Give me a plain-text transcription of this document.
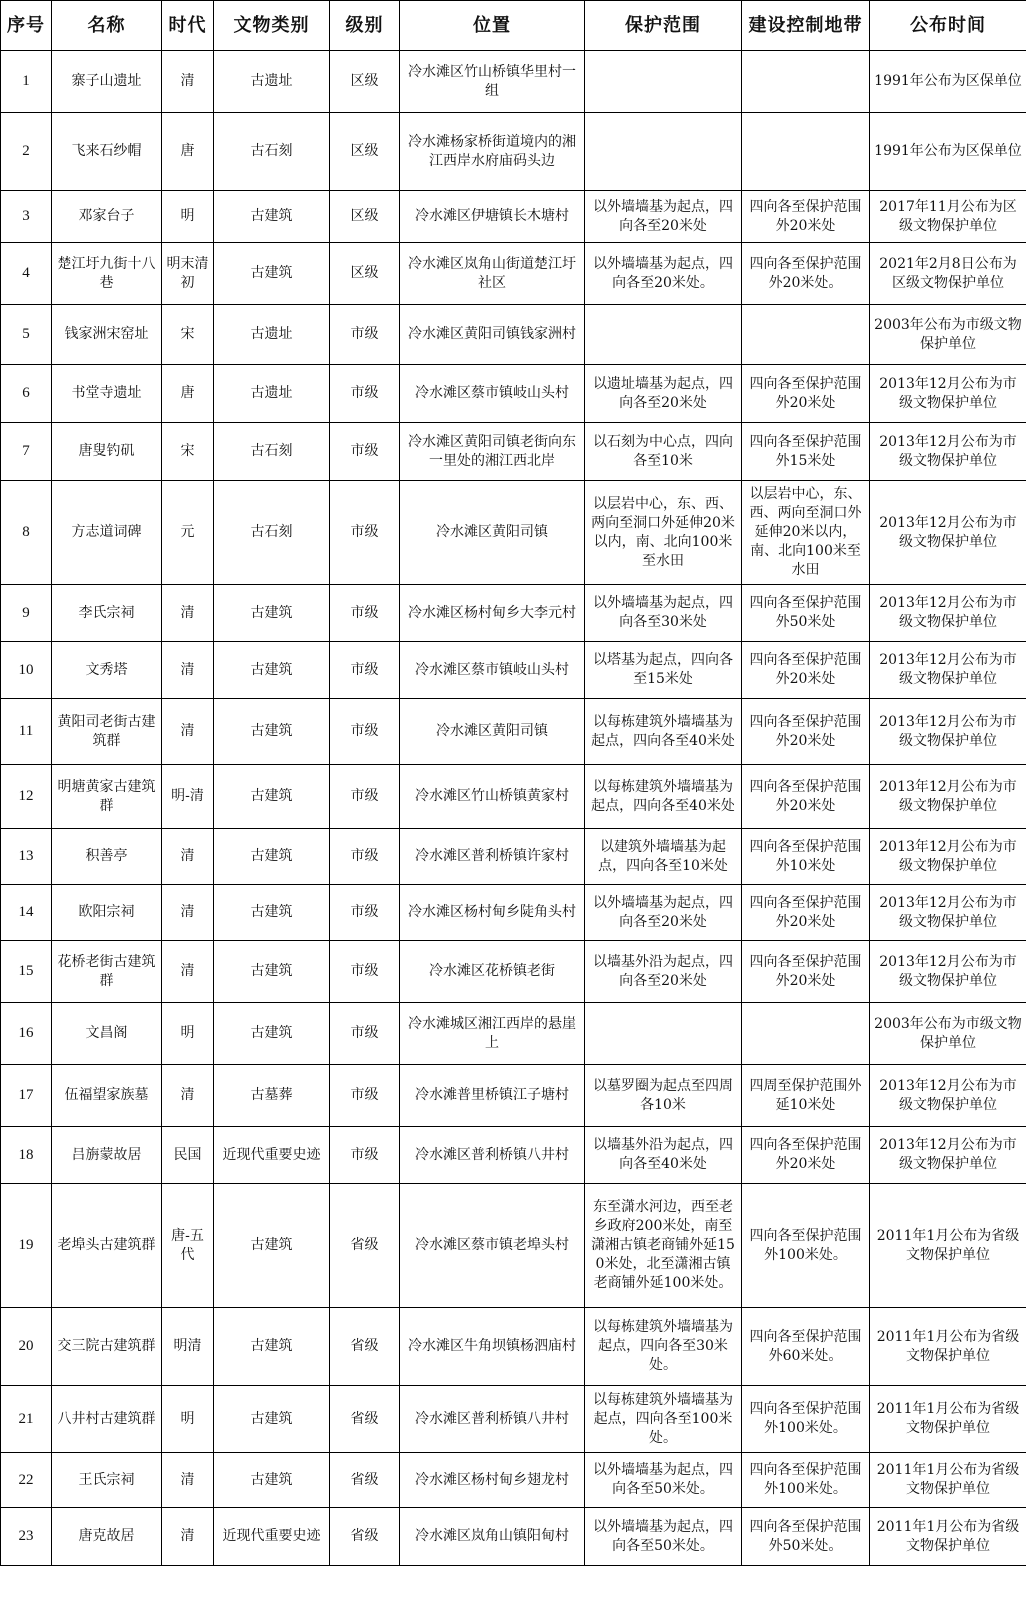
序号	名称	时代	文物类别	级别	位置	保护范围	建设控制地带	公布时间
1	寨子山遗址	清	古遗址	区级	冷水滩区竹山桥镇华里村一组			1991年公布为区保单位
2	飞来石纱帽	唐	古石刻	区级	冷水滩杨家桥街道境内的湘江西岸水府庙码头边			1991年公布为区保单位
3	邓家台子	明	古建筑	区级	冷水滩区伊塘镇长木塘村	以外墙墙基为起点，四向各至20米处	四向各至保护范围外20米处	2017年11月公布为区级文物保护单位
4	楚江圩九街十八巷	明末清初	古建筑	区级	冷水滩区岚角山街道楚江圩社区	以外墙墙基为起点，四向各至20米处。	四向各至保护范围外20米处。	2021年2月8日公布为区级文物保护单位
5	钱家洲宋窑址	宋	古遗址	市级	冷水滩区黄阳司镇钱家洲村			2003年公布为市级文物保护单位
6	书堂寺遗址	唐	古遗址	市级	冷水滩区蔡市镇岐山头村	以遗址墙基为起点，四向各至20米处	四向各至保护范围外20米处	2013年12月公布为市级文物保护单位
7	唐叟钓矶	宋	古石刻	市级	冷水滩区黄阳司镇老街向东一里处的湘江西北岸	以石刻为中心点，四向各至10米	四向各至保护范围外15米处	2013年12月公布为市级文物保护单位
8	方志道词碑	元	古石刻	市级	冷水滩区黄阳司镇	以层岩中心，东、西、两向至洞口外延伸20米以内，南、北向100米至水田	以层岩中心，东、西、两向至洞口外延伸20米以内，南、北向100米至水田	2013年12月公布为市级文物保护单位
9	李氏宗祠	清	古建筑	市级	冷水滩区杨村甸乡大李元村	以外墙墙基为起点，四向各至30米处	四向各至保护范围外50米处	2013年12月公布为市级文物保护单位
10	文秀塔	清	古建筑	市级	冷水滩区蔡市镇岐山头村	以塔基为起点，四向各至15米处	四向各至保护范围外20米处	2013年12月公布为市级文物保护单位
11	黄阳司老街古建筑群	清	古建筑	市级	冷水滩区黄阳司镇	以每栋建筑外墙墙基为起点，四向各至40米处	四向各至保护范围外20米处	2013年12月公布为市级文物保护单位
12	明塘黄家古建筑群	明-清	古建筑	市级	冷水滩区竹山桥镇黄家村	以每栋建筑外墙墙基为起点，四向各至40米处	四向各至保护范围外20米处	2013年12月公布为市级文物保护单位
13	积善亭	清	古建筑	市级	冷水滩区普利桥镇许家村	以建筑外墙墙基为起点，四向各至10米处	四向各至保护范围外10米处	2013年12月公布为市级文物保护单位
14	欧阳宗祠	清	古建筑	市级	冷水滩区杨村甸乡陡角头村	以外墙墙基为起点，四向各至20米处	四向各至保护范围外20米处	2013年12月公布为市级文物保护单位
15	花桥老街古建筑群	清	古建筑	市级	冷水滩区花桥镇老街	以墙基外沿为起点，四向各至20米处	四向各至保护范围外20米处	2013年12月公布为市级文物保护单位
16	文昌阁	明	古建筑	市级	冷水滩城区湘江西岸的悬崖上			2003年公布为市级文物保护单位
17	伍福望家族墓	清	古墓葬	市级	冷水滩普里桥镇江子塘村	以墓罗圈为起点至四周各10米	四周至保护范围外延10米处	2013年12月公布为市级文物保护单位
18	吕旃蒙故居	民国	近现代重要史迹	市级	冷水滩区普利桥镇八井村	以墙基外沿为起点，四向各至40米处	四向各至保护范围外20米处	2013年12月公布为市级文物保护单位
19	老埠头古建筑群	唐-五代	古建筑	省级	冷水滩区蔡市镇老埠头村	东至潇水河边，西至老乡政府200米处，南至潇湘古镇老商铺外延150米处，北至潇湘古镇老商铺外延100米处。	四向各至保护范围外100米处。	2011年1月公布为省级文物保护单位
20	交三院古建筑群	明清	古建筑	省级	冷水滩区牛角坝镇杨泗庙村	以每栋建筑外墙墙基为起点，四向各至30米处。	四向各至保护范围外60米处。	2011年1月公布为省级文物保护单位
21	八井村古建筑群	明	古建筑	省级	冷水滩区普利桥镇八井村	以每栋建筑外墙墙基为起点，四向各至100米处。	四向各至保护范围外100米处。	2011年1月公布为省级文物保护单位
22	王氏宗祠	清	古建筑	省级	冷水滩区杨村甸乡翅龙村	以外墙墙基为起点，四向各至50米处。	四向各至保护范围外100米处。	2011年1月公布为省级文物保护单位
23	唐克故居	清	近现代重要史迹	省级	冷水滩区岚角山镇阳甸村	以外墙墙基为起点，四向各至50米处。	四向各至保护范围外50米处。	2011年1月公布为省级文物保护单位
